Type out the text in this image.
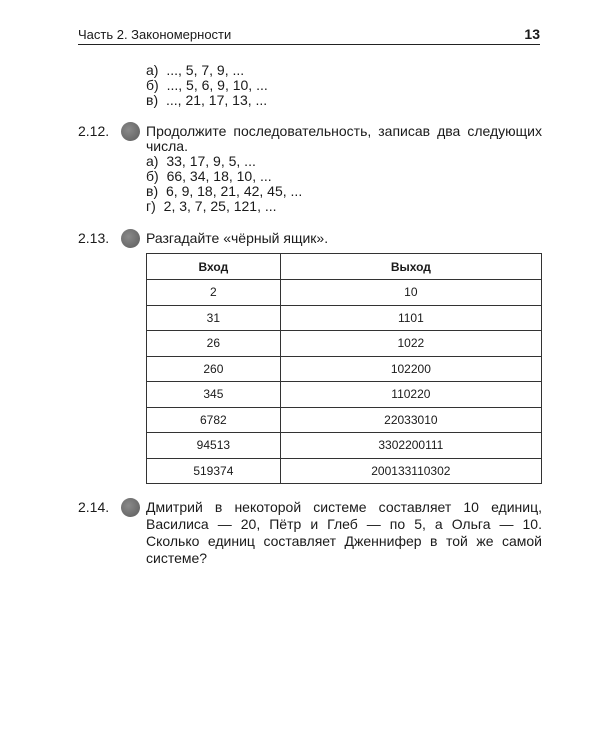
Часть 2. Закономерности	13
а) ..., 5, 7, 9, ...
б) ..., 5, 6, 9, 10, ...
в) ..., 21, 17, 13, ...
2.12.	Продолжите последовательность, записав два следующих
числа.
а) 33, 17, 9, 5, ...
б) 66, 34, 18, 10, ...
в) 6, 9, 18, 21, 42, 45, ...
г) 2, 3, 7, 25, 121, ...
2.13.	Разгадайте «чёрный ящик».
Вход	Выход
2	10
31	1101
26	1022
260	102200
345	110220
6782	22033010
94513	3302200111
519374	200133110302
2.14.	Дмитрий в некоторой системе составляет 10 единиц,
Василиса — 20, Пётр и Глеб — по 5, а Ольга — 10.
Сколько единиц составляет Дженнифер в той же самой
системе?
